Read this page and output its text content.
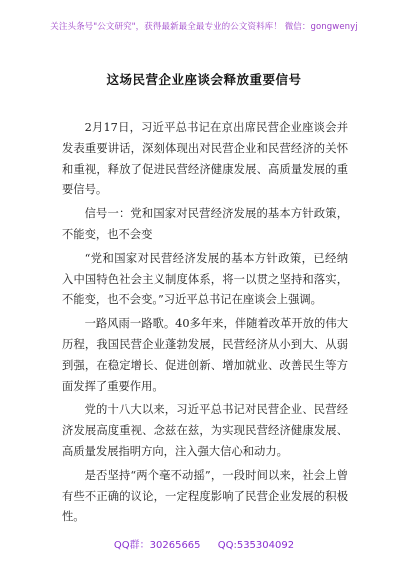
关注头条号"公文研究"，获得最新最全最专业的公文资料库！ 微信：gongwenyj
这场民营企业座谈会释放重要信号

2月17日，习近平总书记在京出席民营企业座谈会并发表重要讲话，深刻体现出对民营企业和民营经济的关怀和重视，释放了促进民营经济健康发展、高质量发展的重要信号。

信号一：党和国家对民营经济发展的基本方针政策，不能变，也不会变

“党和国家对民营经济发展的基本方针政策，已经纳入中国特色社会主义制度体系，将一以贯之坚持和落实，不能变，也不会变。”习近平总书记在座谈会上强调。

一路风雨一路歌。40多年来，伴随着改革开放的伟大历程，我国民营企业蓬勃发展，民营经济从小到大、从弱到强，在稳定增长、促进创新、增加就业、改善民生等方面发挥了重要作用。

党的十八大以来，习近平总书记对民营企业、民营经济发展高度重视、念兹在兹，为实现民营经济健康发展、高质量发展指明方向，注入强大信心和动力。

是否坚持“两个毫不动摇”，一段时间以来，社会上曾有些不正确的议论，一定程度影响了民营企业发展的积极性。

QQ群：30265665 QQ:535304092
